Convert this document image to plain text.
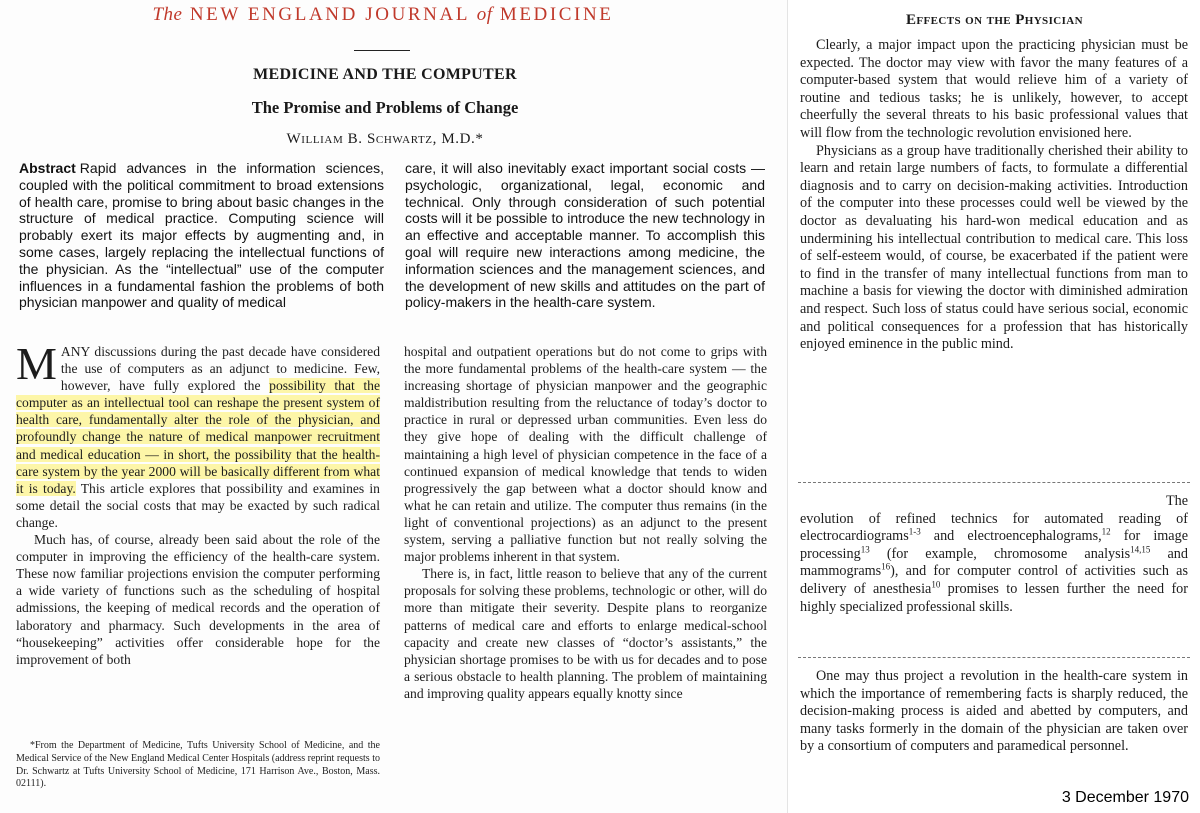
The NEW ENGLAND JOURNAL of MEDICINE
MEDICINE AND THE COMPUTER
The Promise and Problems of Change
William B. Schwartz, M.D.*
Abstract Rapid advances in the information sciences, coupled with the political commitment to broad extensions of health care, promise to bring about basic changes in the structure of medical practice. Computing science will probably exert its major effects by augmenting and, in some cases, largely replacing the intellectual functions of the physician. As the “intellectual” use of the computer influences in a fundamental fashion the problems of both physician manpower and quality of medical
care, it will also inevitably exact important social costs — psychologic, organizational, legal, economic and technical. Only through consideration of such potential costs will it be possible to introduce the new technology in an effective and acceptable manner. To accomplish this goal will require new interactions among medicine, the information sciences and the management sciences, and the development of new skills and attitudes on the part of policy-makers in the health-care system.

MANY discussions during the past decade have considered the use of computers as an adjunct to medicine. Few, however, have fully explored the possibility that the computer as an intellectual tool can reshape the present system of health care, fundamentally alter the role of the physician, and profoundly change the nature of medical manpower recruitment and medical education — in short, the possibility that the health-care system by the year 2000 will be basically different from what it is today. This article explores that possibility and examines in some detail the social costs that may be exacted by such radical change.

Much has, of course, already been said about the role of the computer in improving the efficiency of the health-care system. These now familiar projections envision the computer performing a wide variety of functions such as the scheduling of hospital admissions, the keeping of medical records and the operation of laboratory and pharmacy. Such developments in the area of “housekeeping” activities offer considerable hope for the improvement of both

hospital and outpatient operations but do not come to grips with the more fundamental problems of the health-care system — the increasing shortage of physician manpower and the geographic maldistribution resulting from the reluctance of today’s doctor to practice in rural or depressed urban communities. Even less do they give hope of dealing with the difficult challenge of maintaining a high level of physician competence in the face of a continued expansion of medical knowledge that tends to widen progressively the gap between what a doctor should know and what he can retain and utilize. The computer thus remains (in the light of conventional projections) as an adjunct to the present system, serving a palliative function but not really solving the major problems inherent in that system.

There is, in fact, little reason to believe that any of the current proposals for solving these problems, technologic or other, will do more than mitigate their severity. Despite plans to reorganize patterns of medical care and efforts to enlarge medical-school capacity and create new classes of “doctor’s assistants,” the physician shortage promises to be with us for decades and to pose a serious obstacle to health planning. The problem of maintaining and improving quality appears equally knotty since

*From the Department of Medicine, Tufts University School of Medicine, and the Medical Service of the New England Medical Center Hospitals (address reprint requests to Dr. Schwartz at Tufts University School of Medicine, 171 Harrison Ave., Boston, Mass. 02111).
Effects on the Physician

Clearly, a major impact upon the practicing physician must be expected. The doctor may view with favor the many features of a computer-based system that would relieve him of a variety of routine and tedious tasks; he is unlikely, however, to accept cheerfully the several threats to his basic professional values that will flow from the technologic revolution envisioned here.

Physicians as a group have traditionally cherished their ability to learn and retain large numbers of facts, to formulate a differential diagnosis and to carry on decision-making activities. Introduction of the computer into these processes could well be viewed by the doctor as devaluating his hard-won medical education and as undermining his intellectual contribution to medical care. This loss of self-esteem would, of course, be exacerbated if the patient were to find in the transfer of many intellectual functions from man to machine a basis for viewing the doctor with diminished admiration and respect. Such loss of status could have serious social, economic and political consequences for a profession that has historically enjoyed eminence in the public mind.

The

evolution of refined technics for automated reading of electrocardiograms$^{1-3}$ and electroencephalograms,$^{12}$ for image processing$^{13}$ (for example, chromosome analysis$^{14,15}$ and mammograms$^{16}$), and for computer control of activities such as delivery of anesthesia$^{10}$ promises to lessen further the need for highly specialized professional skills.

One may thus project a revolution in the health-care system in which the importance of remembering facts is sharply reduced, the decision-making process is aided and abetted by computers, and many tasks formerly in the domain of the physician are taken over by a consortium of computers and paramedical personnel.

3 December 1970
